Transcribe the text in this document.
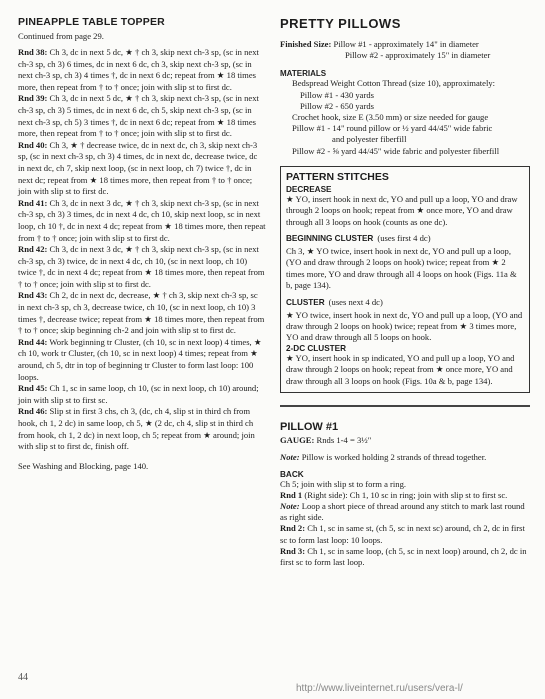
PINEAPPLE TABLE TOPPER
Continued from page 29.

Rnd 38: Ch 3, dc in next 5 dc, ★ † ch 3, skip next ch-3 sp, (sc in next ch-3 sp, ch 3) 6 times, dc in next 6 dc, ch 3, skip next ch-3 sp, (sc in next ch-3 sp, ch 3) 4 times †, dc in next 6 dc; repeat from ★ 18 times more, then repeat from † to † once; join with slip st to first dc.

Rnd 39: Ch 3, dc in next 5 dc, ★ † ch 3, skip next ch-3 sp, (sc in next ch-3 sp, ch 3) 5 times, dc in next 6 dc, ch 5, skip next ch-3 sp, (sc in next ch-3 sp, ch 5) 3 times †, dc in next 6 dc; repeat from ★ 18 times more, then repeat from † to † once; join with slip st to first dc.

Rnd 40: Ch 3, ★ † decrease twice, dc in next dc, ch 3, skip next ch-3 sp, (sc in next ch-3 sp, ch 3) 4 times, dc in next dc, decrease twice, dc in next dc, ch 7, skip next loop, (sc in next loop, ch 7) twice †, dc in next dc; repeat from ★ 18 times more, then repeat from † to † once; join with slip st to first dc.

Rnd 41: Ch 3, dc in next 3 dc, ★ † ch 3, skip next ch-3 sp, (sc in next ch-3 sp, ch 3) 3 times, dc in next 4 dc, ch 10, skip next loop, sc in next loop, ch 10 †, dc in next 4 dc; repeat from ★ 18 times more, then repeat from † to † once; join with slip st to first dc.

Rnd 42: Ch 3, dc in next 3 dc, ★ † ch 3, skip next ch-3 sp, (sc in next ch-3 sp, ch 3) twice, dc in next 4 dc, ch 10, (sc in next loop, ch 10) twice †, dc in next 4 dc; repeat from ★ 18 times more, then repeat from † to † once; join with slip st to first dc.

Rnd 43: Ch 2, dc in next dc, decrease, ★ † ch 3, skip next ch-3 sp, sc in next ch-3 sp, ch 3, decrease twice, ch 10, (sc in next loop, ch 10) 3 times †, decrease twice; repeat from ★ 18 times more, then repeat from † to † once; skip beginning ch-2 and join with slip st to first dc.

Rnd 44: Work beginning tr Cluster, (ch 10, sc in next loop) 4 times, ★ ch 10, work tr Cluster, (ch 10, sc in next loop) 4 times; repeat from ★ around, ch 5, dtr in top of beginning tr Cluster to form last loop: 100 loops.

Rnd 45: Ch 1, sc in same loop, ch 10, (sc in next loop, ch 10) around; join with slip st to first sc.

Rnd 46: Slip st in first 3 chs, ch 3, (dc, ch 4, slip st in third ch from hook, ch 1, 2 dc) in same loop, ch 5, ★ (2 dc, ch 4, slip st in third ch from hook, ch 1, 2 dc) in next loop, ch 5; repeat from ★ around; join with slip st to first dc, finish off.

See Washing and Blocking, page 140.
PRETTY PILLOWS

Finished Size: Pillow #1 - approximately 14" in diameter

Pillow #2 - approximately 15" in diameter

MATERIALS

Bedspread Weight Cotton Thread (size 10), approximately:

Pillow #1 - 430 yards

Pillow #2 - 650 yards

Crochet hook, size E (3.50 mm) or size needed for gauge

Pillow #1 - 14" round pillow or ½ yard 44/45" wide fabric

and polyester fiberfill

Pillow #2 - ⅝ yard 44/45" wide fabric and polyester fiberfill

PATTERN STITCHES
DECREASE

★ YO, insert hook in next dc, YO and pull up a loop, YO and draw through 2 loops on hook; repeat from ★ once more, YO and draw through all 3 loops on hook (counts as one dc).

BEGINNING CLUSTER (uses first 4 dc)

Ch 3, ★ YO twice, insert hook in next dc, YO and pull up a loop, (YO and draw through 2 loops on hook) twice; repeat from ★ 2 times more, YO and draw through all 4 loops on hook (Figs. 11a & b, page 134).

CLUSTER (uses next 4 dc)

★ YO twice, insert hook in next dc, YO and pull up a loop, (YO and draw through 2 loops on hook) twice; repeat from ★ 3 times more, YO and draw through all 5 loops on hook.

2-DC CLUSTER

★ YO, insert hook in sp indicated, YO and pull up a loop, YO and draw through 2 loops on hook; repeat from ★ once more, YO and draw through all 3 loops on hook (Figs. 10a & b, page 134).

PILLOW #1

GAUGE: Rnds 1-4 = 3½"

Note: Pillow is worked holding 2 strands of thread together.

BACK

Ch 5; join with slip st to form a ring.

Rnd 1 (Right side): Ch 1, 10 sc in ring; join with slip st to first sc.

Note: Loop a short piece of thread around any stitch to mark last round as right side.

Rnd 2: Ch 1, sc in same st, (ch 5, sc in next sc) around, ch 2, dc in first sc to form last loop: 10 loops.

Rnd 3: Ch 1, sc in same loop, (ch 5, sc in next loop) around, ch 2, dc in first sc to form last loop.

44
http://www.liveinternet.ru/users/vera-l/
